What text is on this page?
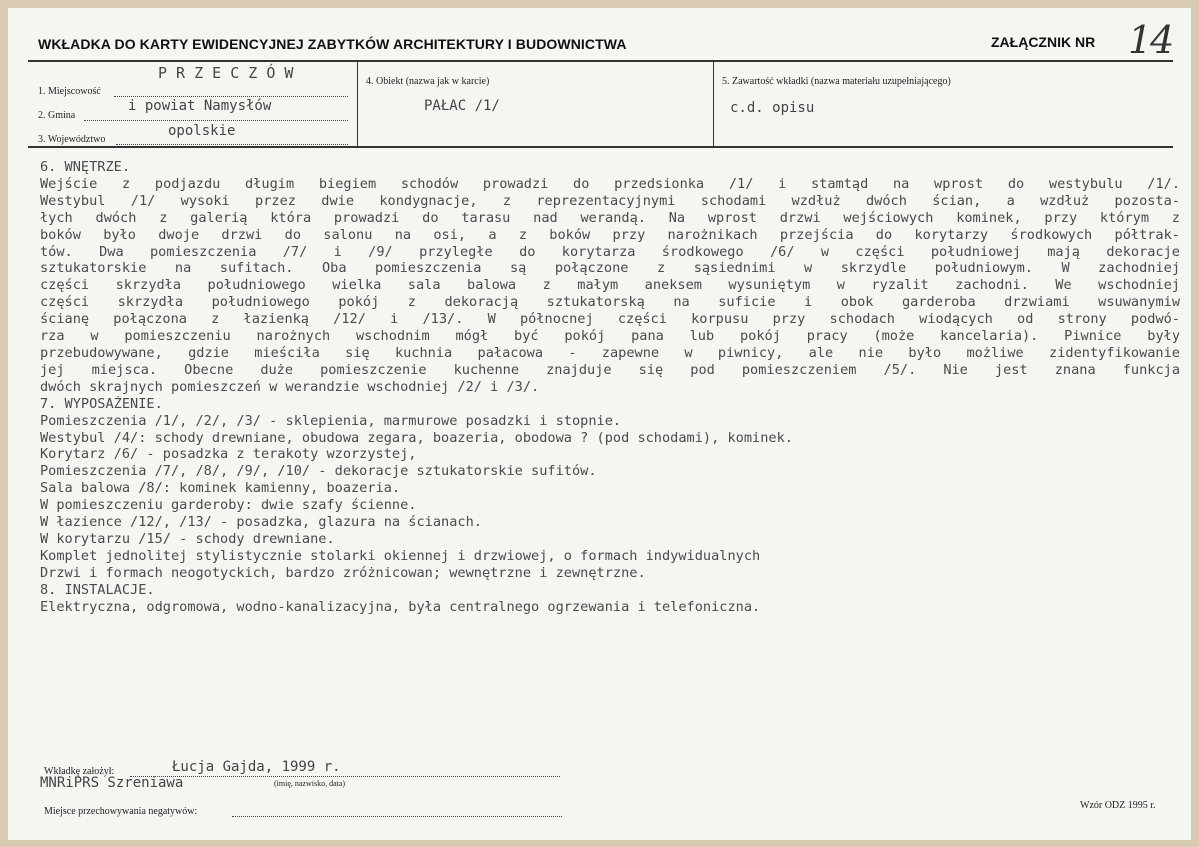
WKŁADKA DO KARTY EWIDENCYJNEJ ZABYTKÓW ARCHITEKTURY I BUDOWNICTWA	ZAŁĄCZNIK NR 14
P R Z E C Z Ó W
1. Miejscowość
i powiat Namysłów
2. Gmina
opolskie
3. Województwo
4. Obiekt (nazwa jak w karcie)
PAŁAC /1/
5. Zawartość wkładki (nazwa materiału uzupełniającego)
c.d. opisu
6. WNĘTRZE.
Wejście z podjazdu długim biegiem schodów prowadzi do przedsionka /1/ i stamtąd na wprost do westybulu /1/.
Westybul /1/ wysoki przez dwie kondygnacje, z reprezentacyjnymi schodami wzdłuż dwóch ścian, a wzdłuż pozosta-
łych dwóch z galerią która prowadzi do tarasu nad werandą. Na wprost drzwi wejściowych kominek, przy którym z
boków było dwoje drzwi do salonu na osi, a z boków przy narożnikach przejścia do korytarzy środkowych półtrak-
tów. Dwa pomieszczenia /7/ i /9/ przyległe do korytarza środkowego /6/ w części południowej mają dekoracje
sztukatorskie na sufitach. Oba pomieszczenia są połączone z sąsiednimi w skrzydle południowym. W zachodniej
części skrzydła południowego wielka sala balowa z małym aneksem wysuniętym w ryzalit zachodni. We wschodniej
części skrzydła południowego pokój z dekoracją sztukatorską na suficie i obok garderoba drzwiami wsuwanymiw
ścianę połączona z łazienką /12/ i /13/. W północnej części korpusu przy schodach wiodących od strony podwó-
rza w pomieszczeniu narożnych wschodnim mógł być pokój pana lub pokój pracy (może kancelaria). Piwnice były
przebudowywane, gdzie mieściła się kuchnia pałacowa - zapewne w piwnicy, ale nie było możliwe zidentyfikowanie
jej miejsca. Obecne duże pomieszczenie kuchenne znajduje się pod pomieszczeniem /5/. Nie jest znana funkcja
dwóch skrajnych pomieszczeń w werandzie wschodniej /2/ i /3/.
7. WYPOSAŻENIE.
Pomieszczenia /1/, /2/, /3/ - sklepienia, marmurowe posadzki i stopnie.
Westybul /4/: schody drewniane, obudowa zegara, boazeria, obodowa ? (pod schodami), kominek.
Korytarz /6/ - posadzka z terakoty wzorzystej,
Pomieszczenia /7/, /8/, /9/, /10/ - dekoracje sztukatorskie sufitów.
Sala balowa /8/: kominek kamienny, boazeria.
W pomieszczeniu garderoby: dwie szafy ścienne.
W łazience /12/, /13/ - posadzka, glazura na ścianach.
W korytarzu /15/ - schody drewniane.
Komplet jednolitej stylistycznie stolarki okiennej i drzwiowej, o formach indywidualnych
Drzwi i formach neogotyckich, bardzo zróżnicowan; wewnętrzne i zewnętrzne.
8. INSTALACJE.
Elektryczna, odgromowa, wodno-kanalizacyjna, była centralnego ogrzewania i telefoniczna.
Wkładkę założył:	Łucja Gajda, 1999 r.
(imię, nazwisko, data)
MNRiPRS Szreniawa
Miejsce przechowywania negatywów:
Wzór ODZ 1995 r.
